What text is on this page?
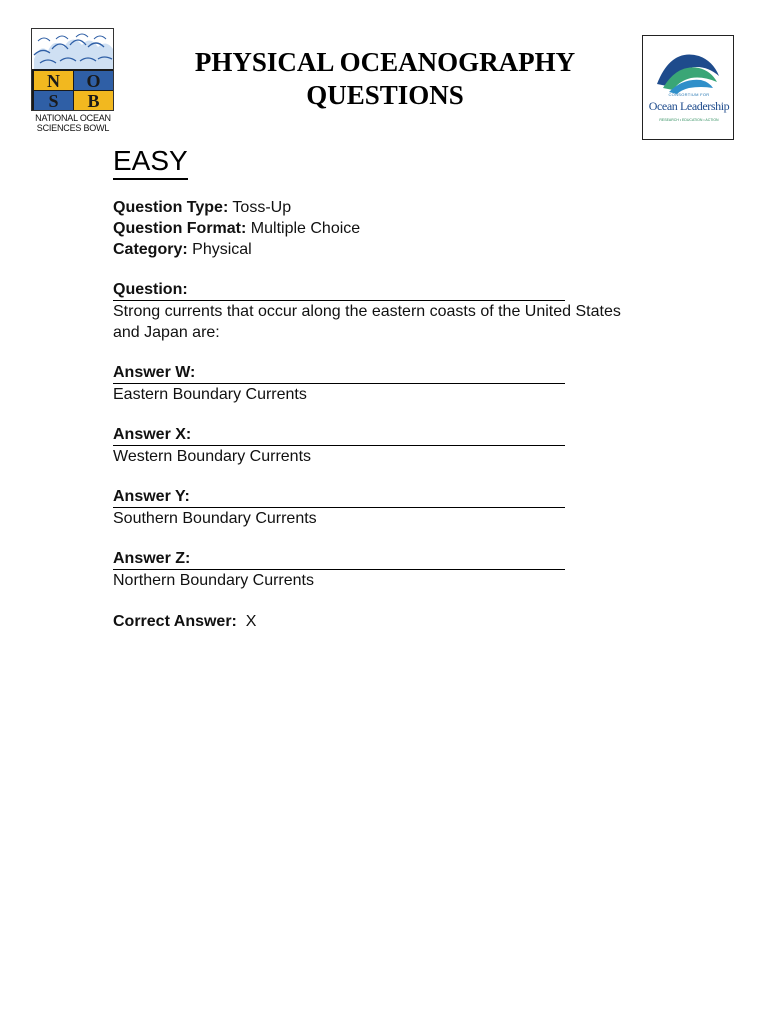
N O
S B
NATIONAL OCEAN
SCIENCES BOWL
PHYSICAL OCEANOGRAPHY
QUESTIONS	CONSORTIUM FOR
Ocean Leadership
RESEARCH • EDUCATION • ACTION
EASY
Question Type: Toss-Up
Question Format: Multiple Choice
Category: Physical
Question:
Strong currents that occur along the eastern coasts of the United States and Japan are:
Answer W:
Eastern Boundary Currents
Answer X:
Western Boundary Currents
Answer Y:
Southern Boundary Currents
Answer Z:
Northern Boundary Currents
Correct Answer: X
